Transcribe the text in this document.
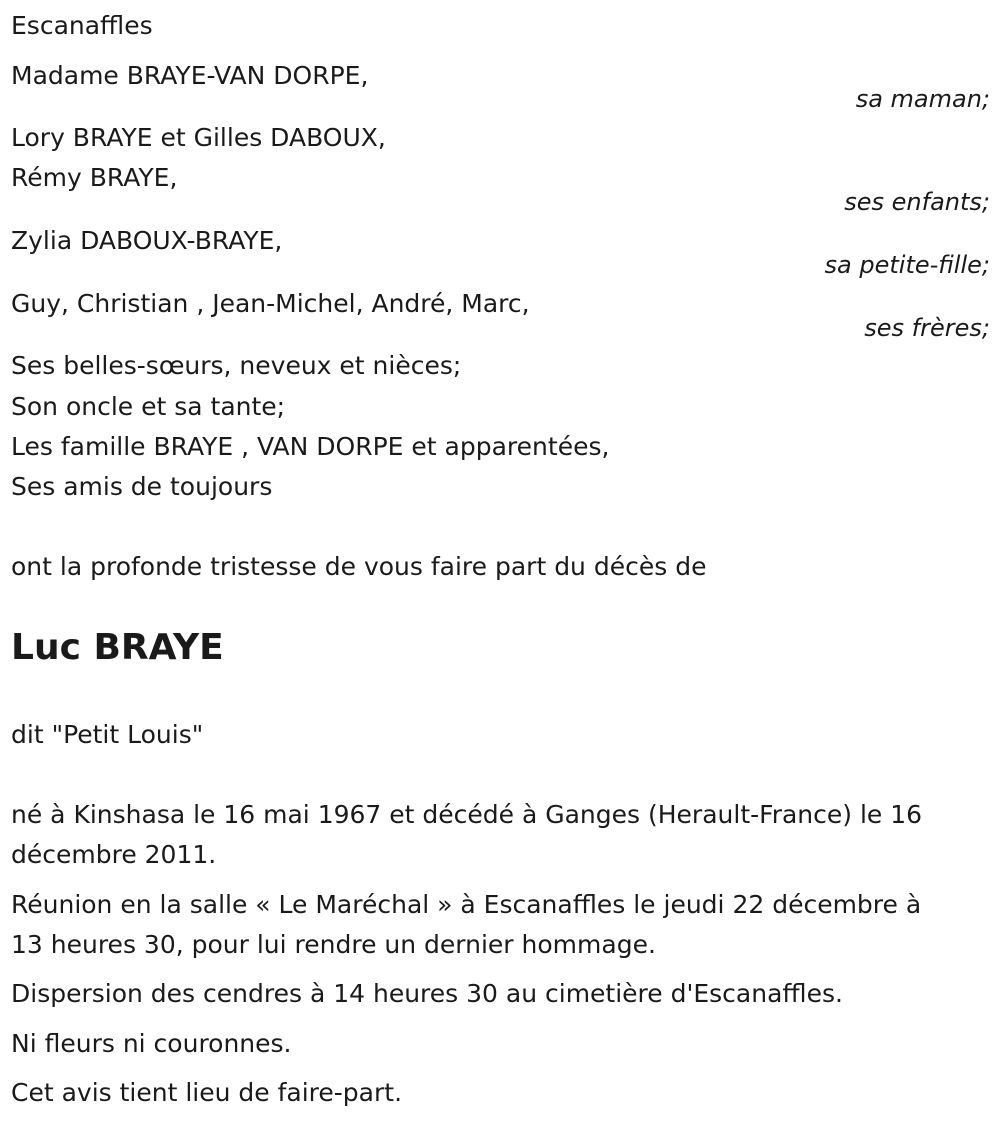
Escanaffles
Madame BRAYE-VAN DORPE,
sa maman;
Lory BRAYE et Gilles DABOUX,
Rémy BRAYE,
ses enfants;
Zylia DABOUX-BRAYE,
sa petite-fille;
Guy, Christian , Jean-Michel, André, Marc,
ses frères;
Ses belles-sœurs, neveux et nièces;
Son oncle et sa tante;
Les famille BRAYE , VAN DORPE et apparentées,
Ses amis de toujours
ont la profonde tristesse de vous faire part du décès de
Luc BRAYE
dit "Petit Louis"
né à Kinshasa le 16 mai 1967 et décédé à Ganges (Herault-France) le 16
décembre 2011.
Réunion en la salle « Le Maréchal » à Escanaffles le jeudi 22 décembre à
13 heures 30, pour lui rendre un dernier hommage.
Dispersion des cendres à 14 heures 30 au cimetière d'Escanaffles.
Ni fleurs ni couronnes.
Cet avis tient lieu de faire-part.
